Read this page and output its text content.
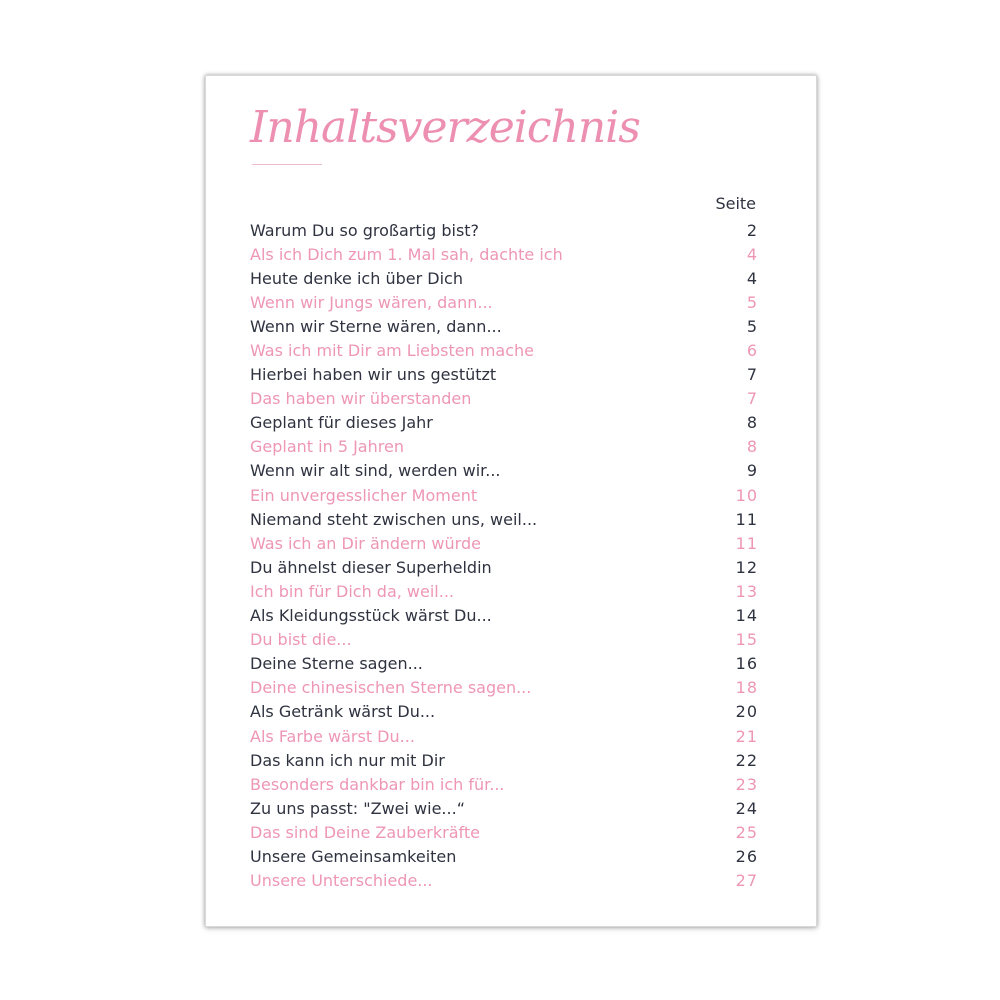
Inhaltsverzeichnis
Seite
Warum Du so großartig bist?	2
Als ich Dich zum 1. Mal sah, dachte ich	4
Heute denke ich über Dich	4
Wenn wir Jungs wären, dann...	5
Wenn wir Sterne wären, dann...	5
Was ich mit Dir am Liebsten mache	6
Hierbei haben wir uns gestützt	7
Das haben wir überstanden	7
Geplant für dieses Jahr	8
Geplant in 5 Jahren	8
Wenn wir alt sind, werden wir...	9
Ein unvergesslicher Moment	10
Niemand steht zwischen uns, weil...	11
Was ich an Dir ändern würde	11
Du ähnelst dieser Superheldin	12
Ich bin für Dich da, weil...	13
Als Kleidungsstück wärst Du...	14
Du bist die...	15
Deine Sterne sagen...	16
Deine chinesischen Sterne sagen...	18
Als Getränk wärst Du...	20
Als Farbe wärst Du...	21
Das kann ich nur mit Dir	22
Besonders dankbar bin ich für...	23
Zu uns passt: "Zwei wie...“	24
Das sind Deine Zauberkräfte	25
Unsere Gemeinsamkeiten	26
Unsere Unterschiede...	27
